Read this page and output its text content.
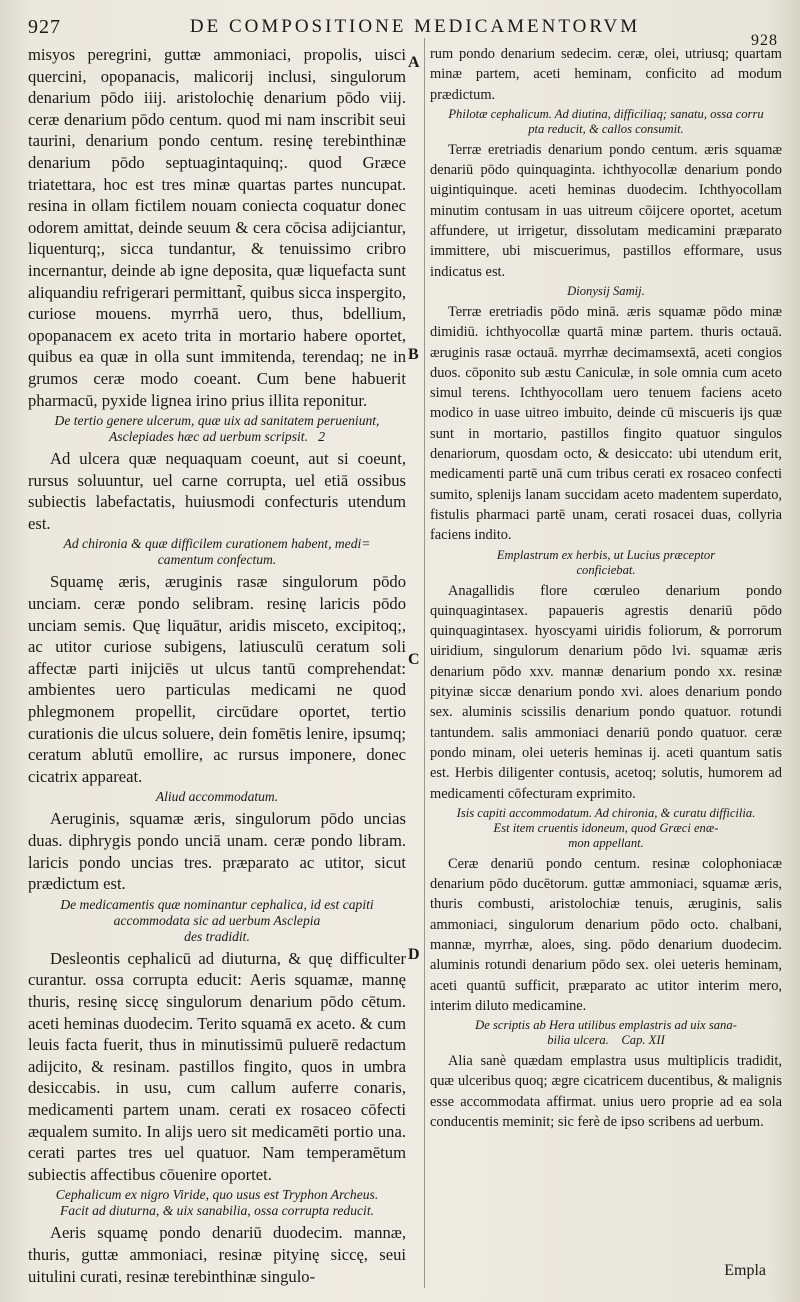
927	DE COMPOSITIONE MEDICAMENTORVM
928
A
B
C
D

misyos peregrini, guttæ ammoniaci, propolis, uisci quercini, opopanacis, malicorij inclusi, singulorum denarium pōdo iiij. aristolochię denarium pōdo viij. ceræ denarium pōdo centum. quod mi nam inscribit seui taurini, denarium pondo centum. resinę terebinthinæ denarium pōdo septuagintaquinq;. quod Græce triatettara, hoc est tres minæ quartas partes nuncupat. resina in ollam fictilem nouam coniecta coquatur donec odorem amittat, deinde seuum & cera cōcisa adijciantur, liquenturq;, sicca tundantur, & tenuissimo cribro incernantur, deinde ab igne deposita, quæ liquefacta sunt aliquandiu refrigerari permittant̃, quibus sicca inspergito, curiose mouens. myrrhā uero, thus, bdellium, opopanacem ex aceto trita in mortario habere oportet, quibus ea quæ in olla sunt immitenda, terendaq; ne in grumos ceræ modo coeant. Cum bene habuerit pharmacū, pyxide lignea irino prius illita reponitur.

De tertio genere ulcerum, quæ uix ad sanitatem perueniunt,
Asclepiades hæc ad uerbum scripsit. 2

Ad ulcera quæ nequaquam coeunt, aut si coeunt, rursus soluuntur, uel carne corrupta, uel etiā ossibus subiectis labefactatis, huiusmodi confecturis utendum est.

Ad chironia & quæ difficilem curationem habent, medi=
camentum confectum.

Squamę æris, æruginis rasæ singulorum pōdo unciam. ceræ pondo selibram. resinę laricis pōdo unciam semis. Quę liquātur, aridis misceto, excipitoq;, ac utitor curiose subigens, latiusculū ceratum soli affectæ parti inijciēs ut ulcus tantū comprehendat: ambientes uero particulas medicami ne quod phlegmonem propellit, circūdare oportet, tertio curationis die ulcus soluere, dein fomētis lenire, ipsumq; ceratum ablutū emollire, ac rursus imponere, donec cicatrix appareat.

Aliud accommodatum.

Aeruginis, squamæ æris, singulorum pōdo uncias duas. diphrygis pondo unciā unam. ceræ pondo libram. laricis pondo uncias tres. præparato ac utitor, sicut prædictum est.

De medicamentis quæ nominantur cephalica, id est capiti
accommodata sic ad uerbum Asclepia
des tradidit.

Desleontis cephalicū ad diuturna, & quę difficulter curantur. ossa corrupta educit: Aeris squamæ, mannę thuris, resinę siccę singulorum denarium pōdo cētum. aceti heminas duodecim. Terito squamā ex aceto. & cum leuis facta fuerit, thus in minutissimū puluerē redactum adijcito, & resinam. pastillos fingito, quos in umbra desiccabis. in usu, cum callum auferre conaris, medicamenti partem unam. cerati ex rosaceo cōfecti æqualem sumito. In alijs uero sit medicamēti portio una. cerati partes tres uel quatuor. Nam temperamētum subiectis affectibus cōuenire oportet.

Cephalicum ex nigro Viride, quo usus est Tryphon Archeus.
Facit ad diuturna, & uix sanabilia, ossa corrupta reducit.

Aeris squamę pondo denariū duodecim. mannæ, thuris, guttæ ammoniaci, resinæ pityinę siccę, seui uitulini curati, resinæ terebinthinæ singulo-

rum pondo denarium sedecim. ceræ, olei, utriusq; quartam minæ partem, aceti heminam, conficito ad modum prædictum.

Philotæ cephalicum. Ad diutina, difficiliaq; sanatu, ossa corru
pta reducit, & callos consumit.

Terræ eretriadis denarium pondo centum. æris squamæ denariū pōdo quinquaginta. ichthyocollæ denarium pondo uigintiquinque. aceti heminas duodecim. Ichthyocollam minutim contusam in uas uitreum cōijcere oportet, acetum affundere, ut irrigetur, dissolutam medicamini præparato immittere, ubi miscuerimus, pastillos efformare, usus indicatus est.

Dionysij Samij.

Terræ eretriadis pōdo minā. æris squamæ pōdo minæ dimidiū. ichthyocollæ quartā minæ partem. thuris octauā. æruginis rasæ octauā. myrrhæ decimamsextā, aceti congios duos. cōponito sub æstu Caniculæ, in sole omnia cum aceto simul terens. Ichthyocollam uero tenuem faciens aceto modico in uase uitreo imbuito, deinde cū miscueris ijs quæ sunt in mortario, pastillos fingito quatuor singulos denariorum, quosdam octo, & desiccato: ubi utendum erit, medicamenti partē unā cum tribus cerati ex rosaceo confecti sumito, splenijs lanam succidam aceto madentem superdato, fistulis pharmaci partē unam, cerati rosacei duas, collyria faciens indito.

Emplastrum ex herbis, ut Lucius præceptor
conficiebat.

Anagallidis flore cœruleo denarium pondo quinquagintasex. papaueris agrestis denariū pōdo quinquagintasex. hyoscyami uiridis foliorum, & porrorum uiridium, singulorum denarium pōdo lvi. squamæ æris denarium pōdo xxv. mannæ denarium pondo xx. resinæ pityinæ siccæ denarium pondo xvi. aloes denarium pondo sex. aluminis scissilis denarium pondo quatuor. rotundi tantundem. salis ammoniaci denariū pondo quatuor. ceræ pondo minam, olei ueteris heminas ij. aceti quantum satis est. Herbis diligenter contusis, acetoq; solutis, humorem ad medicamenti cōfecturam exprimito.

Isis capiti accommodatum. Ad chironia, & curatu difficilia.
Est item cruentis idoneum, quod Græci enæ-
mon appellant.

Ceræ denariū pondo centum. resinæ colophoniacæ denarium pōdo ducētorum. guttæ ammoniaci, squamæ æris, thuris combusti, aristolochiæ tenuis, æruginis, salis ammoniaci, singulorum denarium pōdo octo. chalbani, mannæ, myrrhæ, aloes, sing. pōdo denarium duodecim. aluminis rotundi denarium pōdo sex. olei ueteris heminam, aceti quantū sufficit, præparato ac utitor interim mero, interim diluto medicamine.

De scriptis ab Hera utilibus emplastris ad uix sana-
bilia ulcera. Cap. XII

Alia sanè quædam emplastra usus multiplicis tradidit, quæ ulceribus quoq; ægre cicatricem ducentibus, & malignis esse accommodata affirmat. unius uero proprie ad ea sola conducentis meminit; sic ferè de ipso scribens ad uerbum.

Empla
